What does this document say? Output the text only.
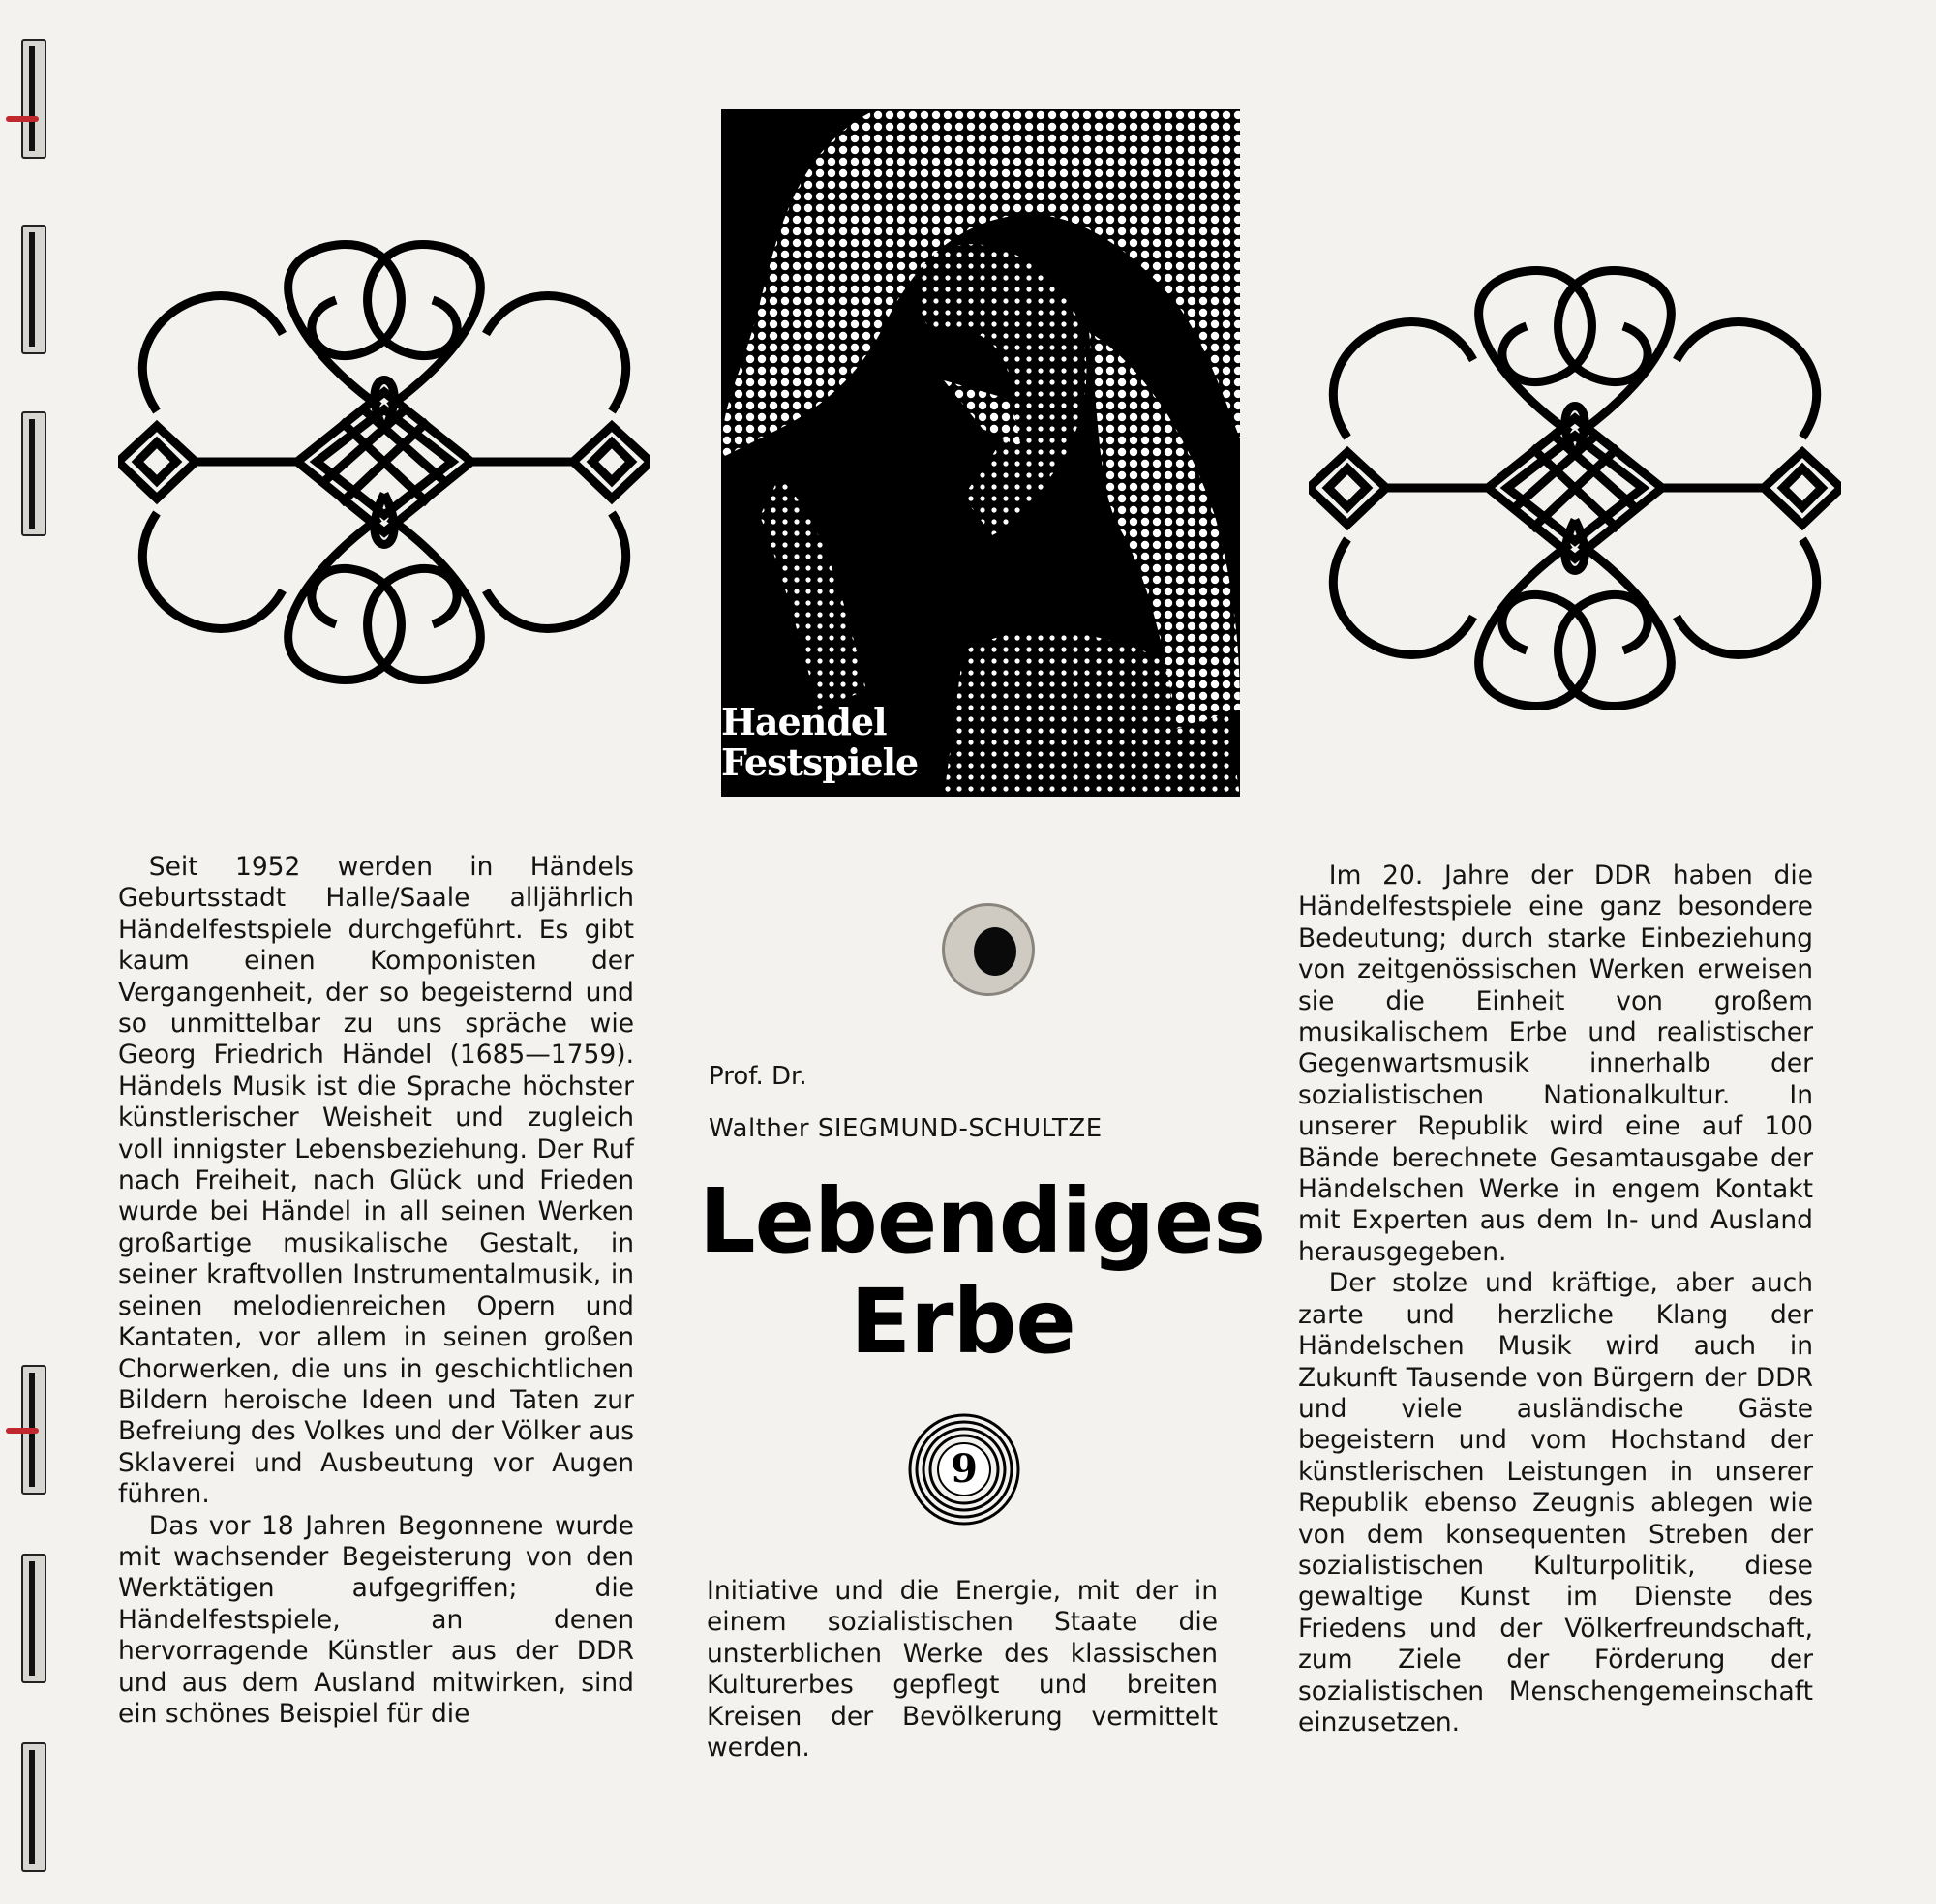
Haendel
Festspiele

Seit 1952 werden in Händels Geburtsstadt Halle/Saale alljährlich Händelfestspiele durchgeführt. Es gibt kaum einen Komponisten der Vergangenheit, der so begeisternd und so unmittelbar zu uns spräche wie Georg Friedrich Händel (1685—1759). Händels Musik ist die Sprache höchster künstlerischer Weisheit und zugleich voll innigster Lebensbeziehung. Der Ruf nach Freiheit, nach Glück und Frieden wurde bei Händel in all seinen Werken großartige musikalische Gestalt, in seiner kraftvollen Instrumentalmusik, in seinen melodienreichen Opern und Kantaten, vor allem in seinen großen Chorwerken, die uns in geschichtlichen Bildern heroische Ideen und Taten zur Befreiung des Volkes und der Völker aus Sklaverei und Ausbeutung vor Augen führen.

Das vor 18 Jahren Begonnene wurde mit wachsender Begeisterung von den Werktätigen aufgegriffen; die Händelfestspiele, an denen hervorragende Künstler aus der DDR und aus dem Ausland mitwirken, sind ein schönes Beispiel für die

Prof. Dr.
Walther SIEGMUND-SCHULTZE
Lebendiges
Erbe
9

Initiative und die Energie, mit der in einem sozialistischen Staate die unsterblichen Werke des klassischen Kulturerbes gepflegt und breiten Kreisen der Bevölkerung vermittelt werden.

Im 20. Jahre der DDR haben die Händelfestspiele eine ganz besondere Bedeutung; durch starke Einbeziehung von zeitgenössischen Werken erweisen sie die Einheit von großem musikalischem Erbe und realistischer Gegenwartsmusik innerhalb der sozialistischen Nationalkultur. In unserer Republik wird eine auf 100 Bände berechnete Gesamtausgabe der Händelschen Werke in engem Kontakt mit Experten aus dem In- und Ausland herausgegeben.

Der stolze und kräftige, aber auch zarte und herzliche Klang der Händelschen Musik wird auch in Zukunft Tausende von Bürgern der DDR und viele ausländische Gäste begeistern und vom Hochstand der künstlerischen Leistungen in unserer Republik ebenso Zeugnis ablegen wie von dem konsequenten Streben der sozialistischen Kulturpolitik, diese gewaltige Kunst im Dienste des Friedens und der Völkerfreundschaft, zum Ziele der Förderung der sozialistischen Menschengemeinschaft einzusetzen.
